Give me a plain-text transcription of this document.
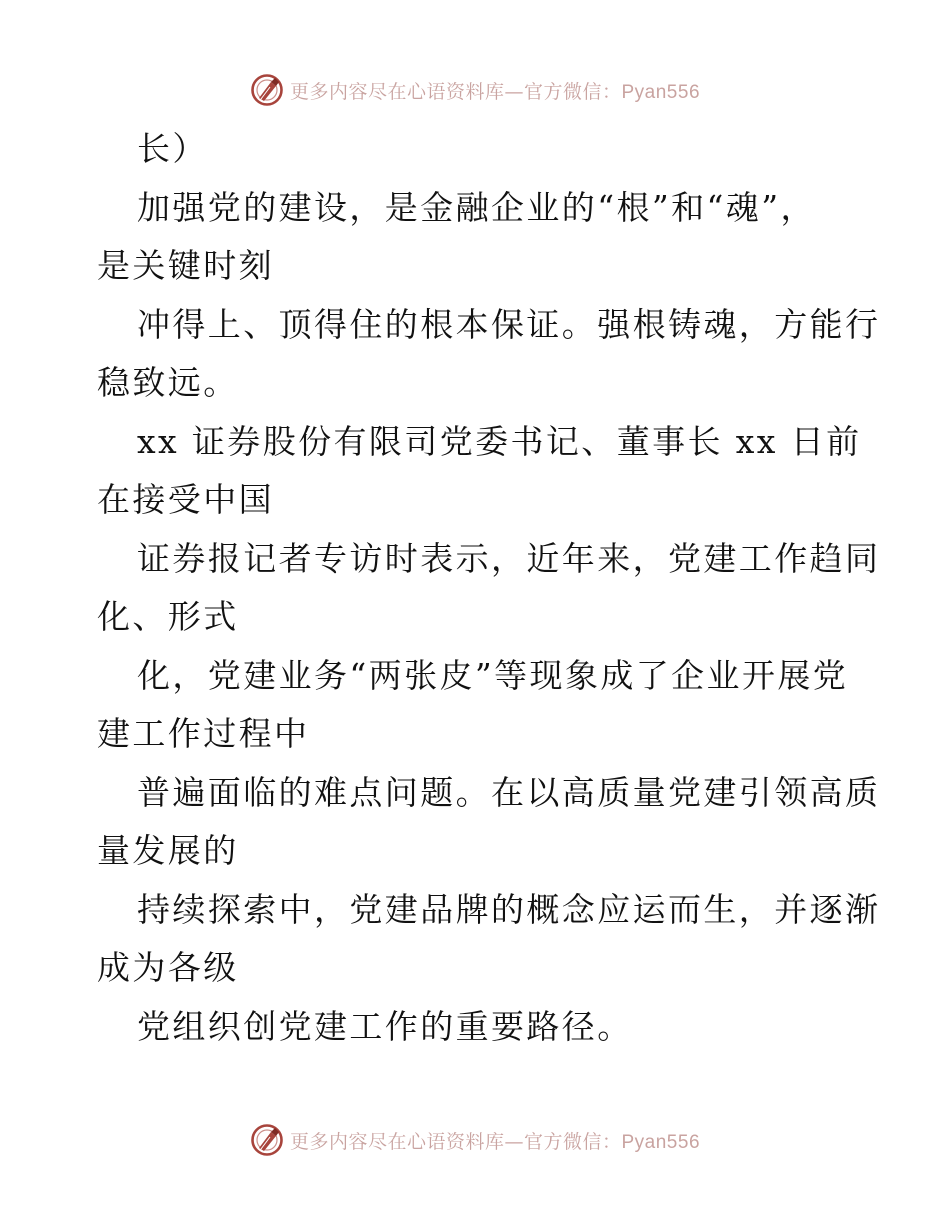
更多内容尽在心语资料库—官方微信：Pyan556
长）
加强党的建设，是金融企业的“根”和“魂”，
是关键时刻
冲得上、顶得住的根本保证。强根铸魂，方能行
稳致远。
xx 证券股份有限司党委书记、董事长 xx 日前
在接受中国
证券报记者专访时表示，近年来，党建工作趋同
化、形式
化，党建业务“两张皮”等现象成了企业开展党
建工作过程中
普遍面临的难点问题。在以高质量党建引领高质
量发展的
持续探索中，党建品牌的概念应运而生，并逐渐
成为各级
党组织创党建工作的重要路径。
更多内容尽在心语资料库—官方微信：Pyan556
